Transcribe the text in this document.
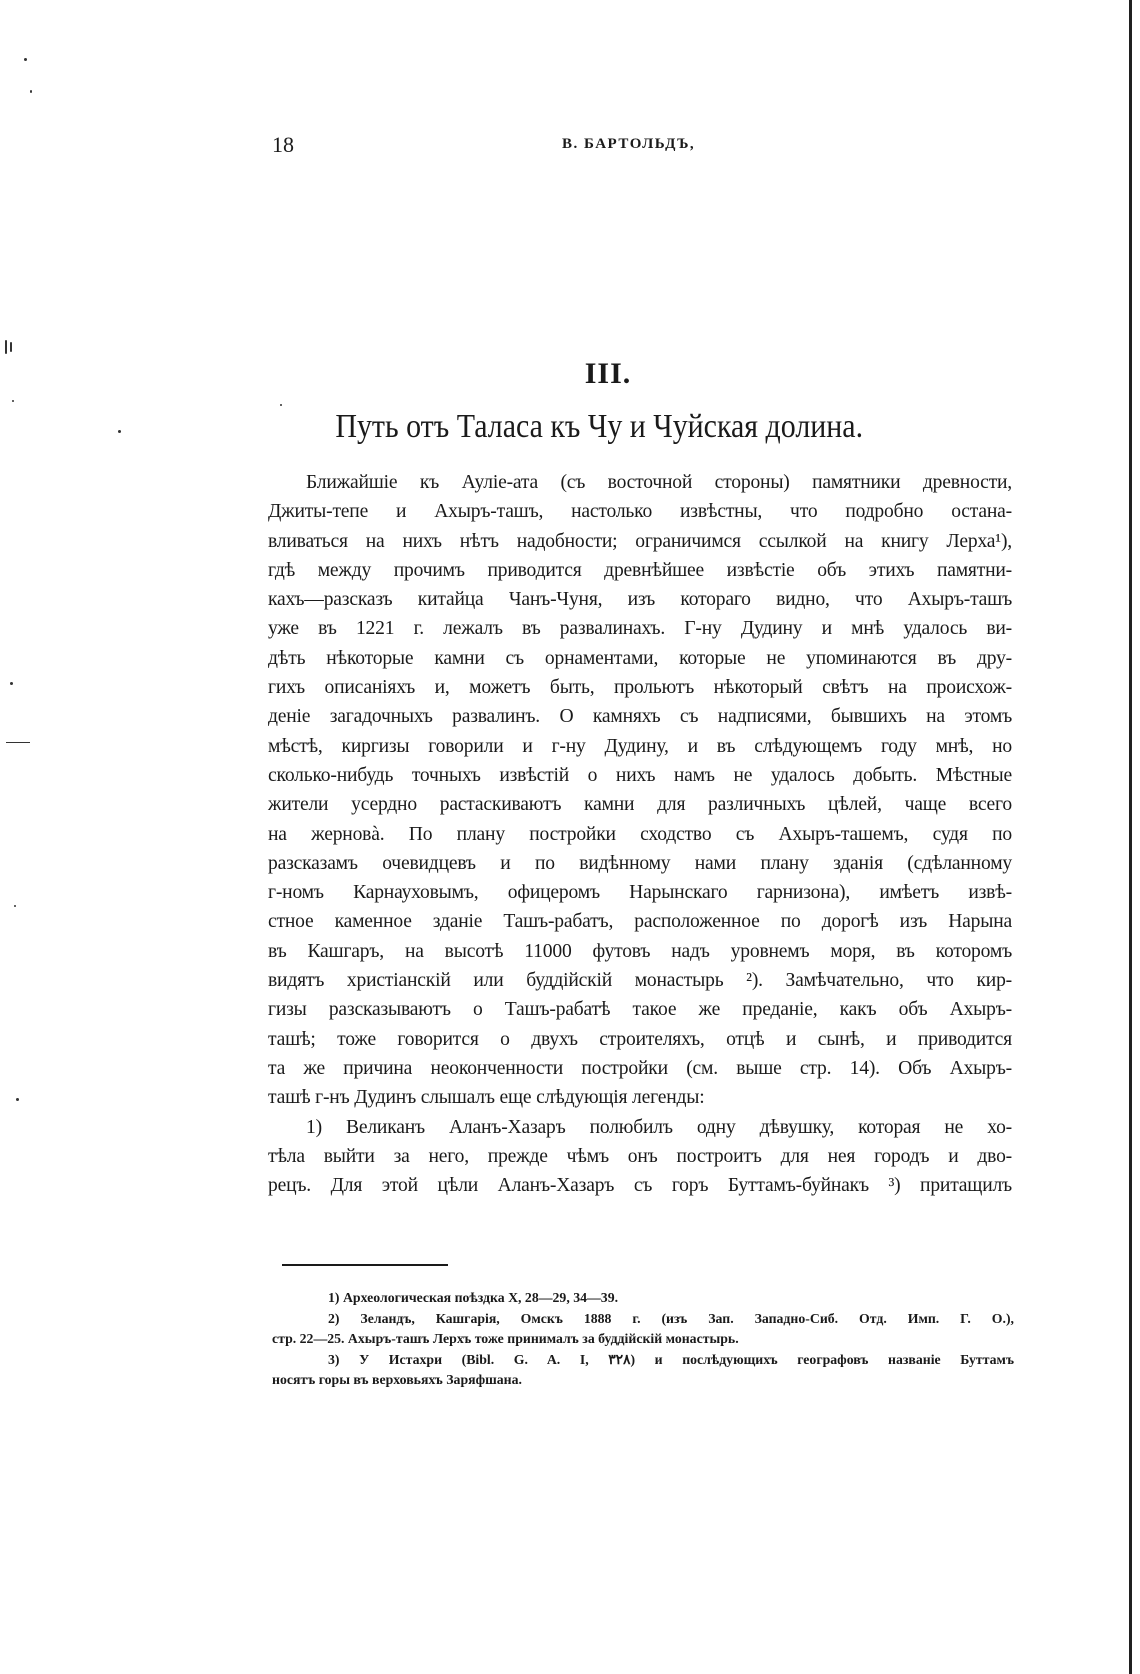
18	В. БАРТОЛЬДЪ,
III.
Путь отъ Таласа къ Чу и Чуйская долина.
Ближайшіе къ Ауліе-ата (съ восточной стороны) памятники древности,
Джиты-тепе и Ахыръ-ташъ, настолько извѣстны, что подробно остана-
вливаться на нихъ нѣтъ надобности; ограничимся ссылкой на книгу Лерха¹),
гдѣ между прочимъ приводится древнѣйшее извѣстіе объ этихъ памятни-
кахъ—разсказъ китайца Чанъ-Чуня, изъ котораго видно, что Ахыръ-ташъ
уже въ 1221 г. лежалъ въ развалинахъ. Г-ну Дудину и мнѣ удалось ви-
дѣть нѣкоторые камни съ орнаментами, которые не упоминаются въ дру-
гихъ описаніяхъ и, можетъ быть, прольютъ нѣкоторый свѣтъ на происхож-
деніе загадочныхъ развалинъ. О камняхъ съ надписями, бывшихъ на этомъ
мѣстѣ, киргизы говорили и г-ну Дудину, и въ слѣдующемъ году мнѣ, но
сколько-нибудь точныхъ извѣстій о нихъ намъ не удалось добыть. Мѣстные
жители усердно растаскиваютъ камни для различныхъ цѣлей, чаще всего
на жерновà. По плану постройки сходство съ Ахыръ-ташемъ, судя по
разсказамъ очевидцевъ и по видѣнному нами плану зданія (сдѣланному
г-номъ Карнауховымъ, офицеромъ Нарынскаго гарнизона), имѣетъ извѣ-
стное каменное зданіе Ташъ-рабатъ, расположенное по дорогѣ изъ Нарына
въ Кашгаръ, на высотѣ 11000 футовъ надъ уровнемъ моря, въ которомъ
видятъ христіанскій или буддійскій монастырь ²). Замѣчательно, что кир-
гизы разсказываютъ о Ташъ-рабатѣ такое же преданіе, какъ объ Ахыръ-
ташѣ; тоже говорится о двухъ строителяхъ, отцѣ и сынѣ, и приводится
та же причина неоконченности постройки (см. выше стр. 14). Объ Ахыръ-
ташѣ г-нъ Дудинъ слышалъ еще слѣдующія легенды:
1) Великанъ Аланъ-Хазаръ полюбилъ одну дѣвушку, которая не хо-
тѣла выйти за него, прежде чѣмъ онъ построитъ для нея городъ и дво-
рецъ. Для этой цѣли Аланъ-Хазаръ съ горъ Буттамъ-буйнакъ ³) притащилъ
1) Археологическая поѣздка X, 28—29, 34—39.
2) Зеландъ, Кашгарія, Омскъ 1888 г. (изъ Зап. Западно-Сиб. Отд. Имп. Г. О.),
стр. 22—25. Ахыръ-ташъ Лерхъ тоже принималъ за буддійскій монастырь.
3) У Истахри (Bibl. G. A. I, ۳۲۸) и послѣдующихъ географовъ названіе Буттамъ
носятъ горы въ верховьяхъ Заряфшана.
